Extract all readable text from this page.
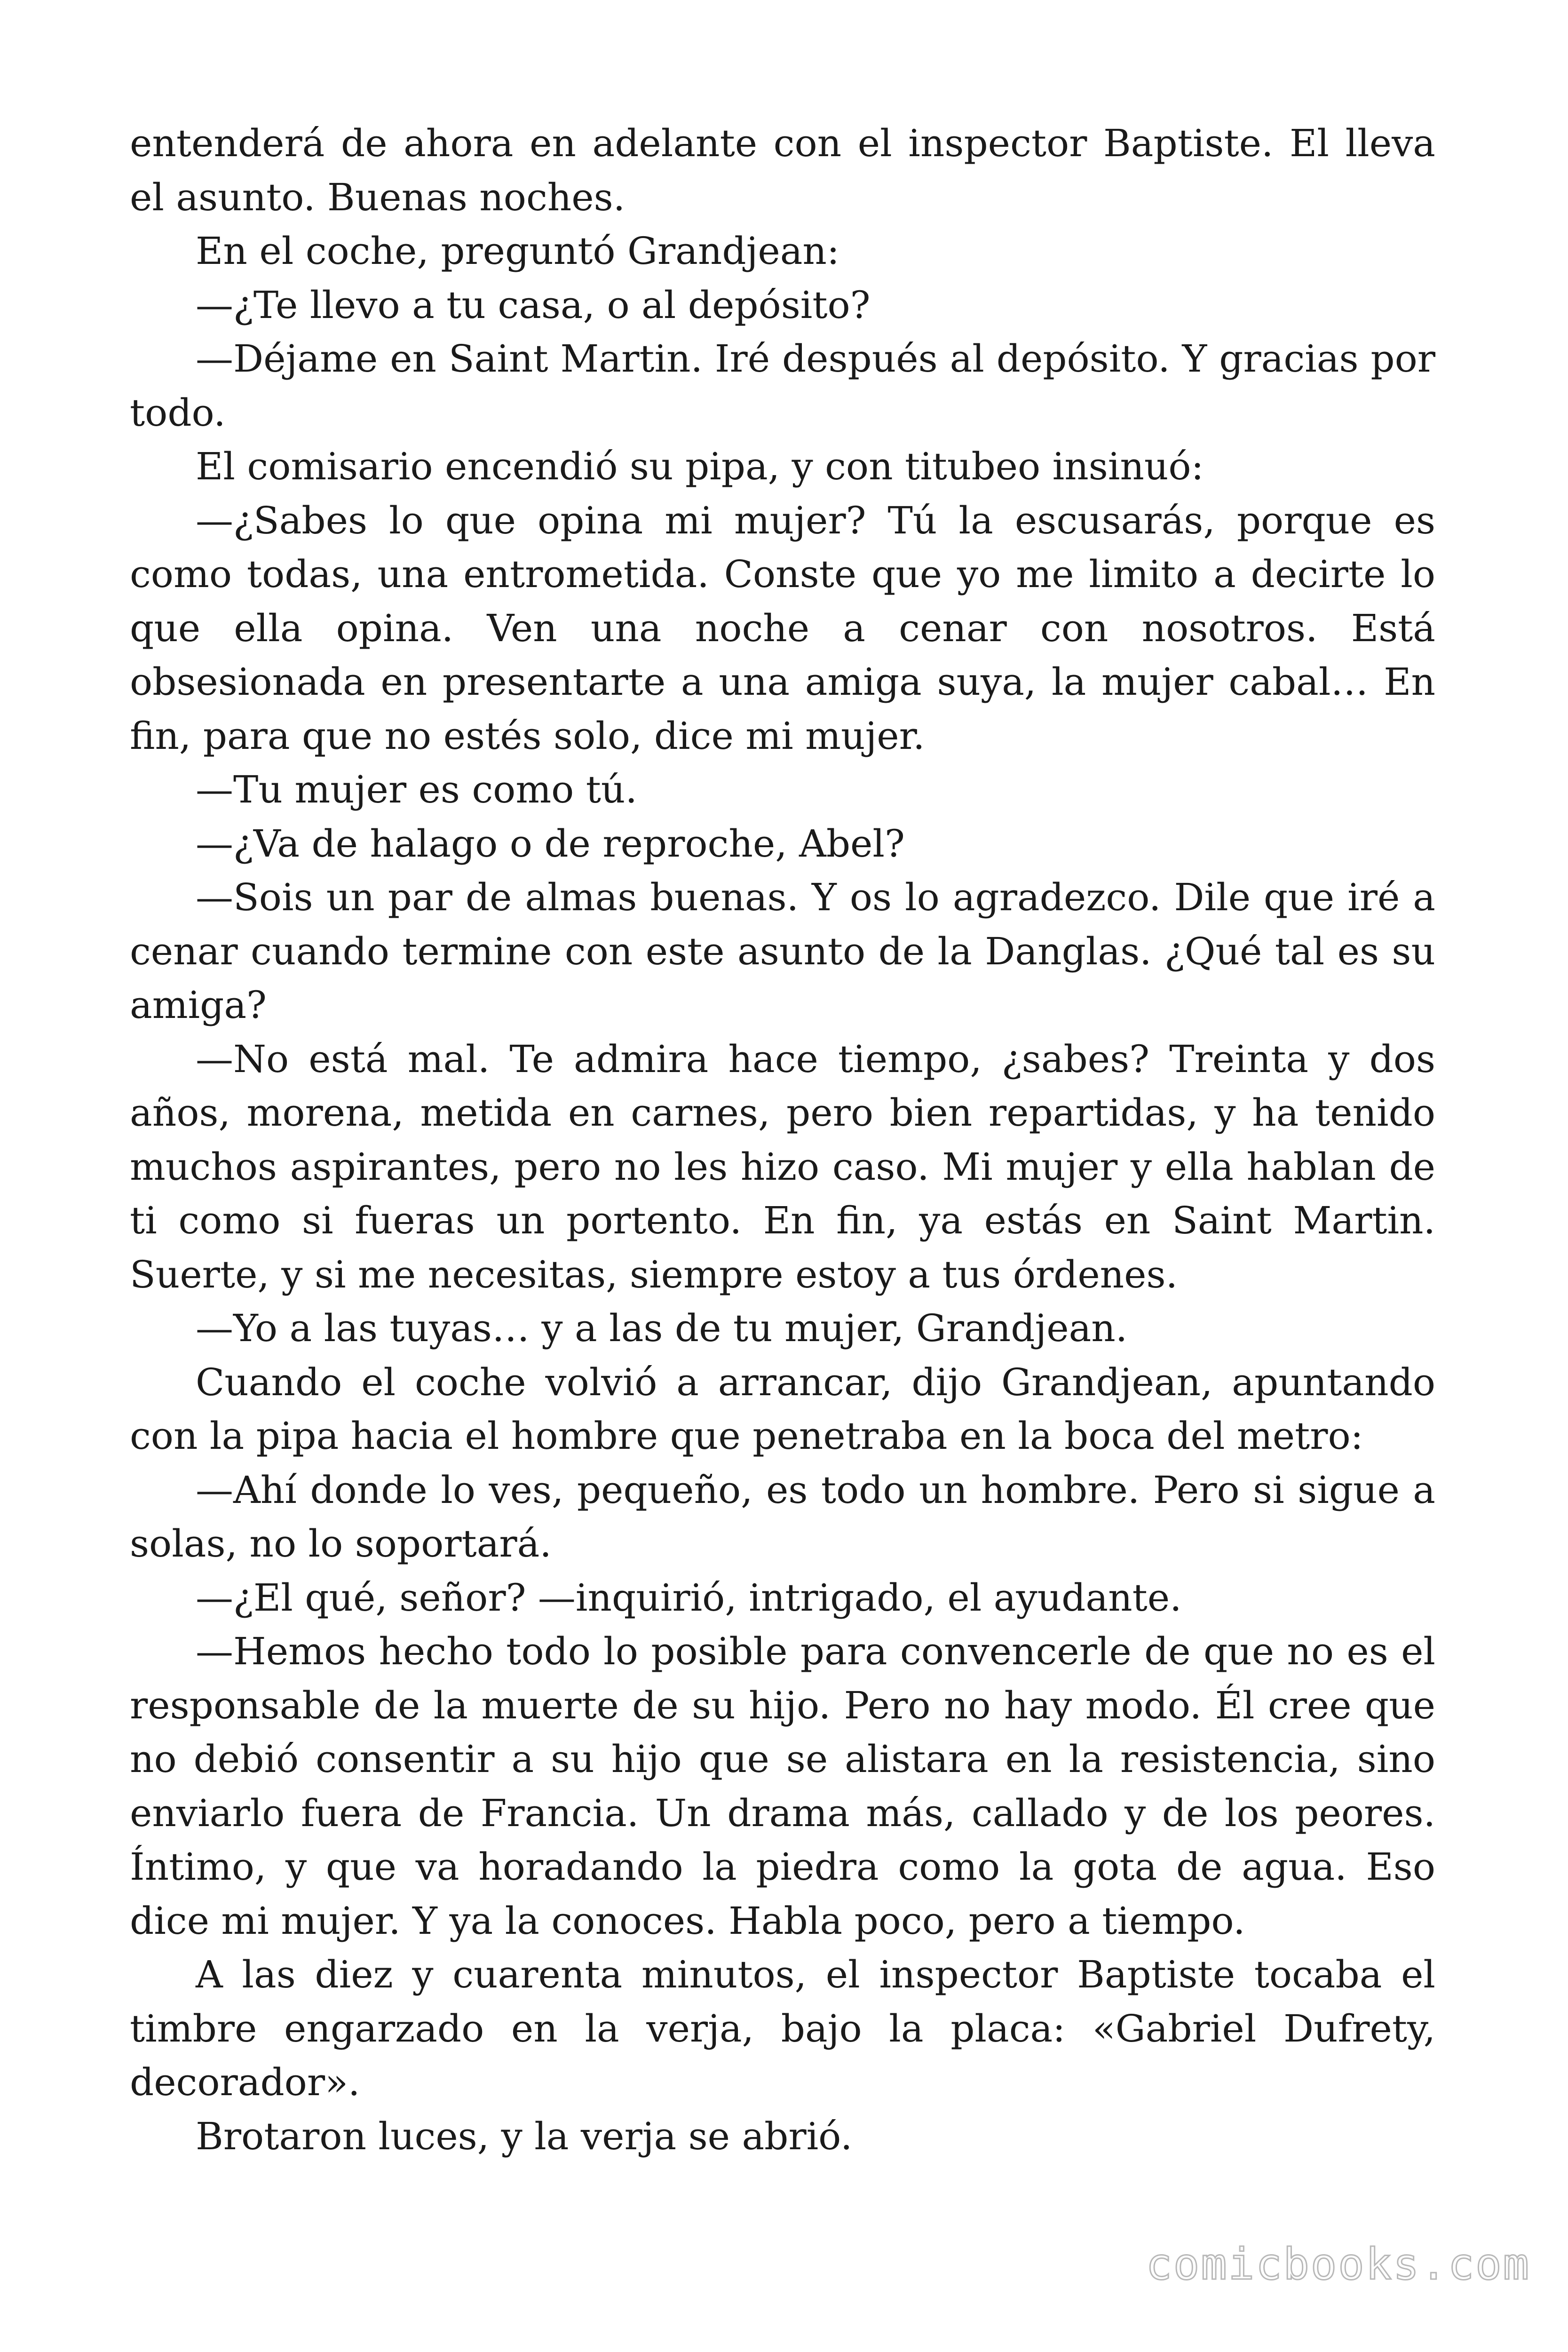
entenderá de ahora en adelante con el inspector Baptiste. El lleva el asunto. Buenas noches.

En el coche, preguntó Grandjean:

—¿Te llevo a tu casa, o al depósito?

—Déjame en Saint Martin. Iré después al depósito. Y gracias por todo.

El comisario encendió su pipa, y con titubeo insinuó:

—¿Sabes lo que opina mi mujer? Tú la escusarás, porque es como todas, una entrometida. Conste que yo me limito a decirte lo que ella opina. Ven una noche a cenar con nosotros. Está obsesionada en presentarte a una amiga suya, la mujer cabal… En fin, para que no estés solo, dice mi mujer.

—Tu mujer es como tú.

—¿Va de halago o de reproche, Abel?

—Sois un par de almas buenas. Y os lo agradezco. Dile que iré a cenar cuando termine con este asunto de la Danglas. ¿Qué tal es su amiga?

—No está mal. Te admira hace tiempo, ¿sabes? Treinta y dos años, morena, metida en carnes, pero bien repartidas, y ha tenido muchos aspirantes, pero no les hizo caso. Mi mujer y ella hablan de ti como si fueras un portento. En fin, ya estás en Saint Martin. Suerte, y si me necesitas, siempre estoy a tus órdenes.

—Yo a las tuyas… y a las de tu mujer, Grandjean.

Cuando el coche volvió a arrancar, dijo Grandjean, apuntando con la pipa hacia el hombre que penetraba en la boca del metro:

—Ahí donde lo ves, pequeño, es todo un hombre. Pero si sigue a solas, no lo soportará.

—¿El qué, señor? —inquirió, intrigado, el ayudante.

—Hemos hecho todo lo posible para convencerle de que no es el responsable de la muerte de su hijo. Pero no hay modo. Él cree que no debió consentir a su hijo que se alistara en la resistencia, sino enviarlo fuera de Francia. Un drama más, callado y de los peores. Íntimo, y que va horadando la piedra como la gota de agua. Eso dice mi mujer. Y ya la conoces. Habla poco, pero a tiempo.

A las diez y cuarenta minutos, el inspector Baptiste tocaba el timbre engarzado en la verja, bajo la placa: «Gabriel Dufrety, decorador».

Brotaron luces, y la verja se abrió.

comicbooks.com
